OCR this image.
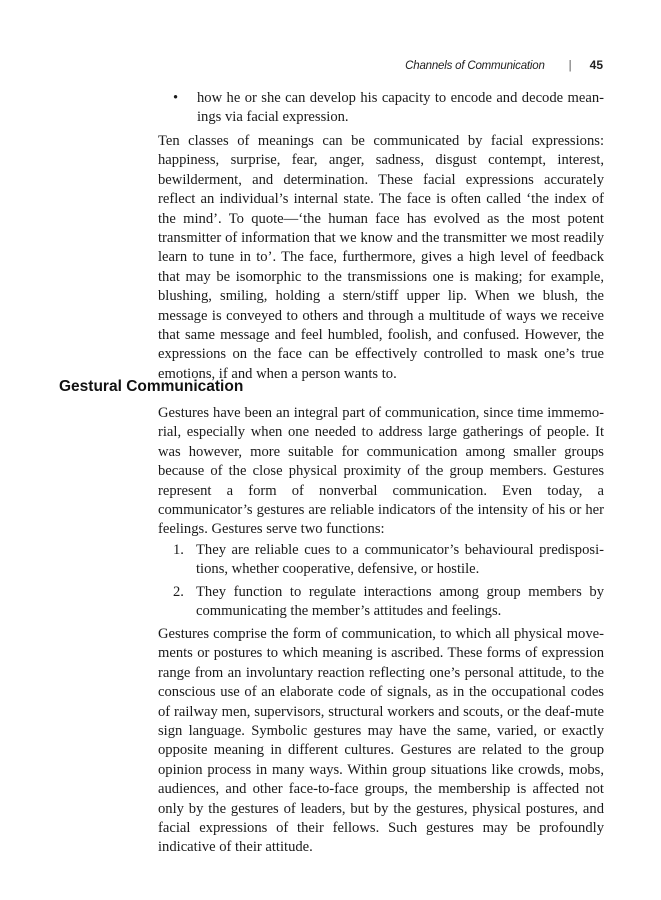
Channels of Communication | 45
• how he or she can develop his capacity to encode and decode meanings via facial expression.

Ten classes of meanings can be communicated by facial expressions: happiness, surprise, fear, anger, sadness, disgust contempt, interest, bewilderment, and determination. These facial expressions accurately reflect an individual’s internal state. The face is often called ‘the index of the mind’. To quote—‘the human face has evolved as the most potent transmitter of information that we know and the transmitter we most readily learn to tune in to’. The face, furthermore, gives a high level of feedback that may be isomorphic to the transmissions one is making; for example, blushing, smiling, holding a stern/stiff upper lip. When we blush, the message is conveyed to others and through a multitude of ways we receive that same message and feel humbled, foolish, and confused. However, the expressions on the face can be effectively controlled to mask one’s true emotions, if and when a person wants to.

Gestural Communication

Gestures have been an integral part of communication, since time immemorial, especially when one needed to address large gatherings of people. It was however, more suitable for communication among smaller groups because of the close physical proximity of the group members. Gestures represent a form of nonverbal communication. Even today, a communicator’s gestures are reliable indicators of the intensity of his or her feelings. Gestures serve two functions:

1. They are reliable cues to a communicator’s behavioural predispositions, whether cooperative, defensive, or hostile.
2. They function to regulate interactions among group members by communicating the member’s attitudes and feelings.

Gestures comprise the form of communication, to which all physical movements or postures to which meaning is ascribed. These forms of expression range from an involuntary reaction reflecting one’s personal attitude, to the conscious use of an elaborate code of signals, as in the occupational codes of railway men, supervisors, structural workers and scouts, or the deaf-mute sign language. Symbolic gestures may have the same, varied, or exactly opposite meaning in different cultures. Gestures are related to the group opinion process in many ways. Within group situations like crowds, mobs, audiences, and other face-to-face groups, the membership is affected not only by the gestures of leaders, but by the gestures, physical postures, and facial expressions of their fellows. Such gestures may be profoundly indicative of their attitude.
